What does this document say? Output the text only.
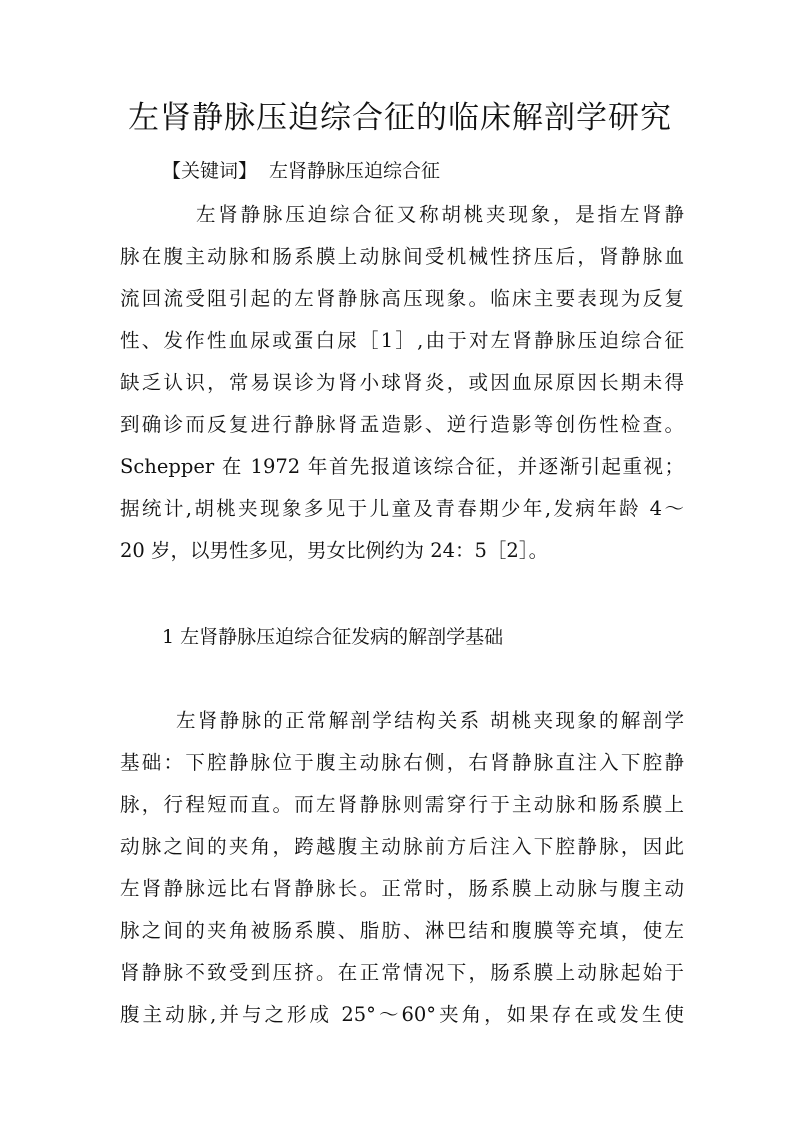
左肾静脉压迫综合征的临床解剖学研究
【关键词】 左肾静脉压迫综合征
左肾静脉压迫综合征又称胡桃夹现象，是指左肾静
脉在腹主动脉和肠系膜上动脉间受机械性挤压后，肾静脉血
流回流受阻引起的左肾静脉高压现象。临床主要表现为反复
性、发作性血尿或蛋白尿［1］,由于对左肾静脉压迫综合征
缺乏认识，常易误诊为肾小球肾炎，或因血尿原因长期未得
到确诊而反复进行静脉肾盂造影、逆行造影等创伤性检查。
Schepper 在 1972 年首先报道该综合征，并逐渐引起重视；
据统计,胡桃夹现象多见于儿童及青春期少年,发病年龄 4～
20 岁，以男性多见，男女比例约为 24：5［2］。
1 左肾静脉压迫综合征发病的解剖学基础
左肾静脉的正常解剖学结构关系 胡桃夹现象的解剖学
基础：下腔静脉位于腹主动脉右侧，右肾静脉直注入下腔静
脉，行程短而直。而左肾静脉则需穿行于主动脉和肠系膜上
动脉之间的夹角，跨越腹主动脉前方后注入下腔静脉，因此
左肾静脉远比右肾静脉长。正常时，肠系膜上动脉与腹主动
脉之间的夹角被肠系膜、脂肪、淋巴结和腹膜等充填，使左
肾静脉不致受到压挤。在正常情况下，肠系膜上动脉起始于
腹主动脉,并与之形成 25°～60°夹角，如果存在或发生使
